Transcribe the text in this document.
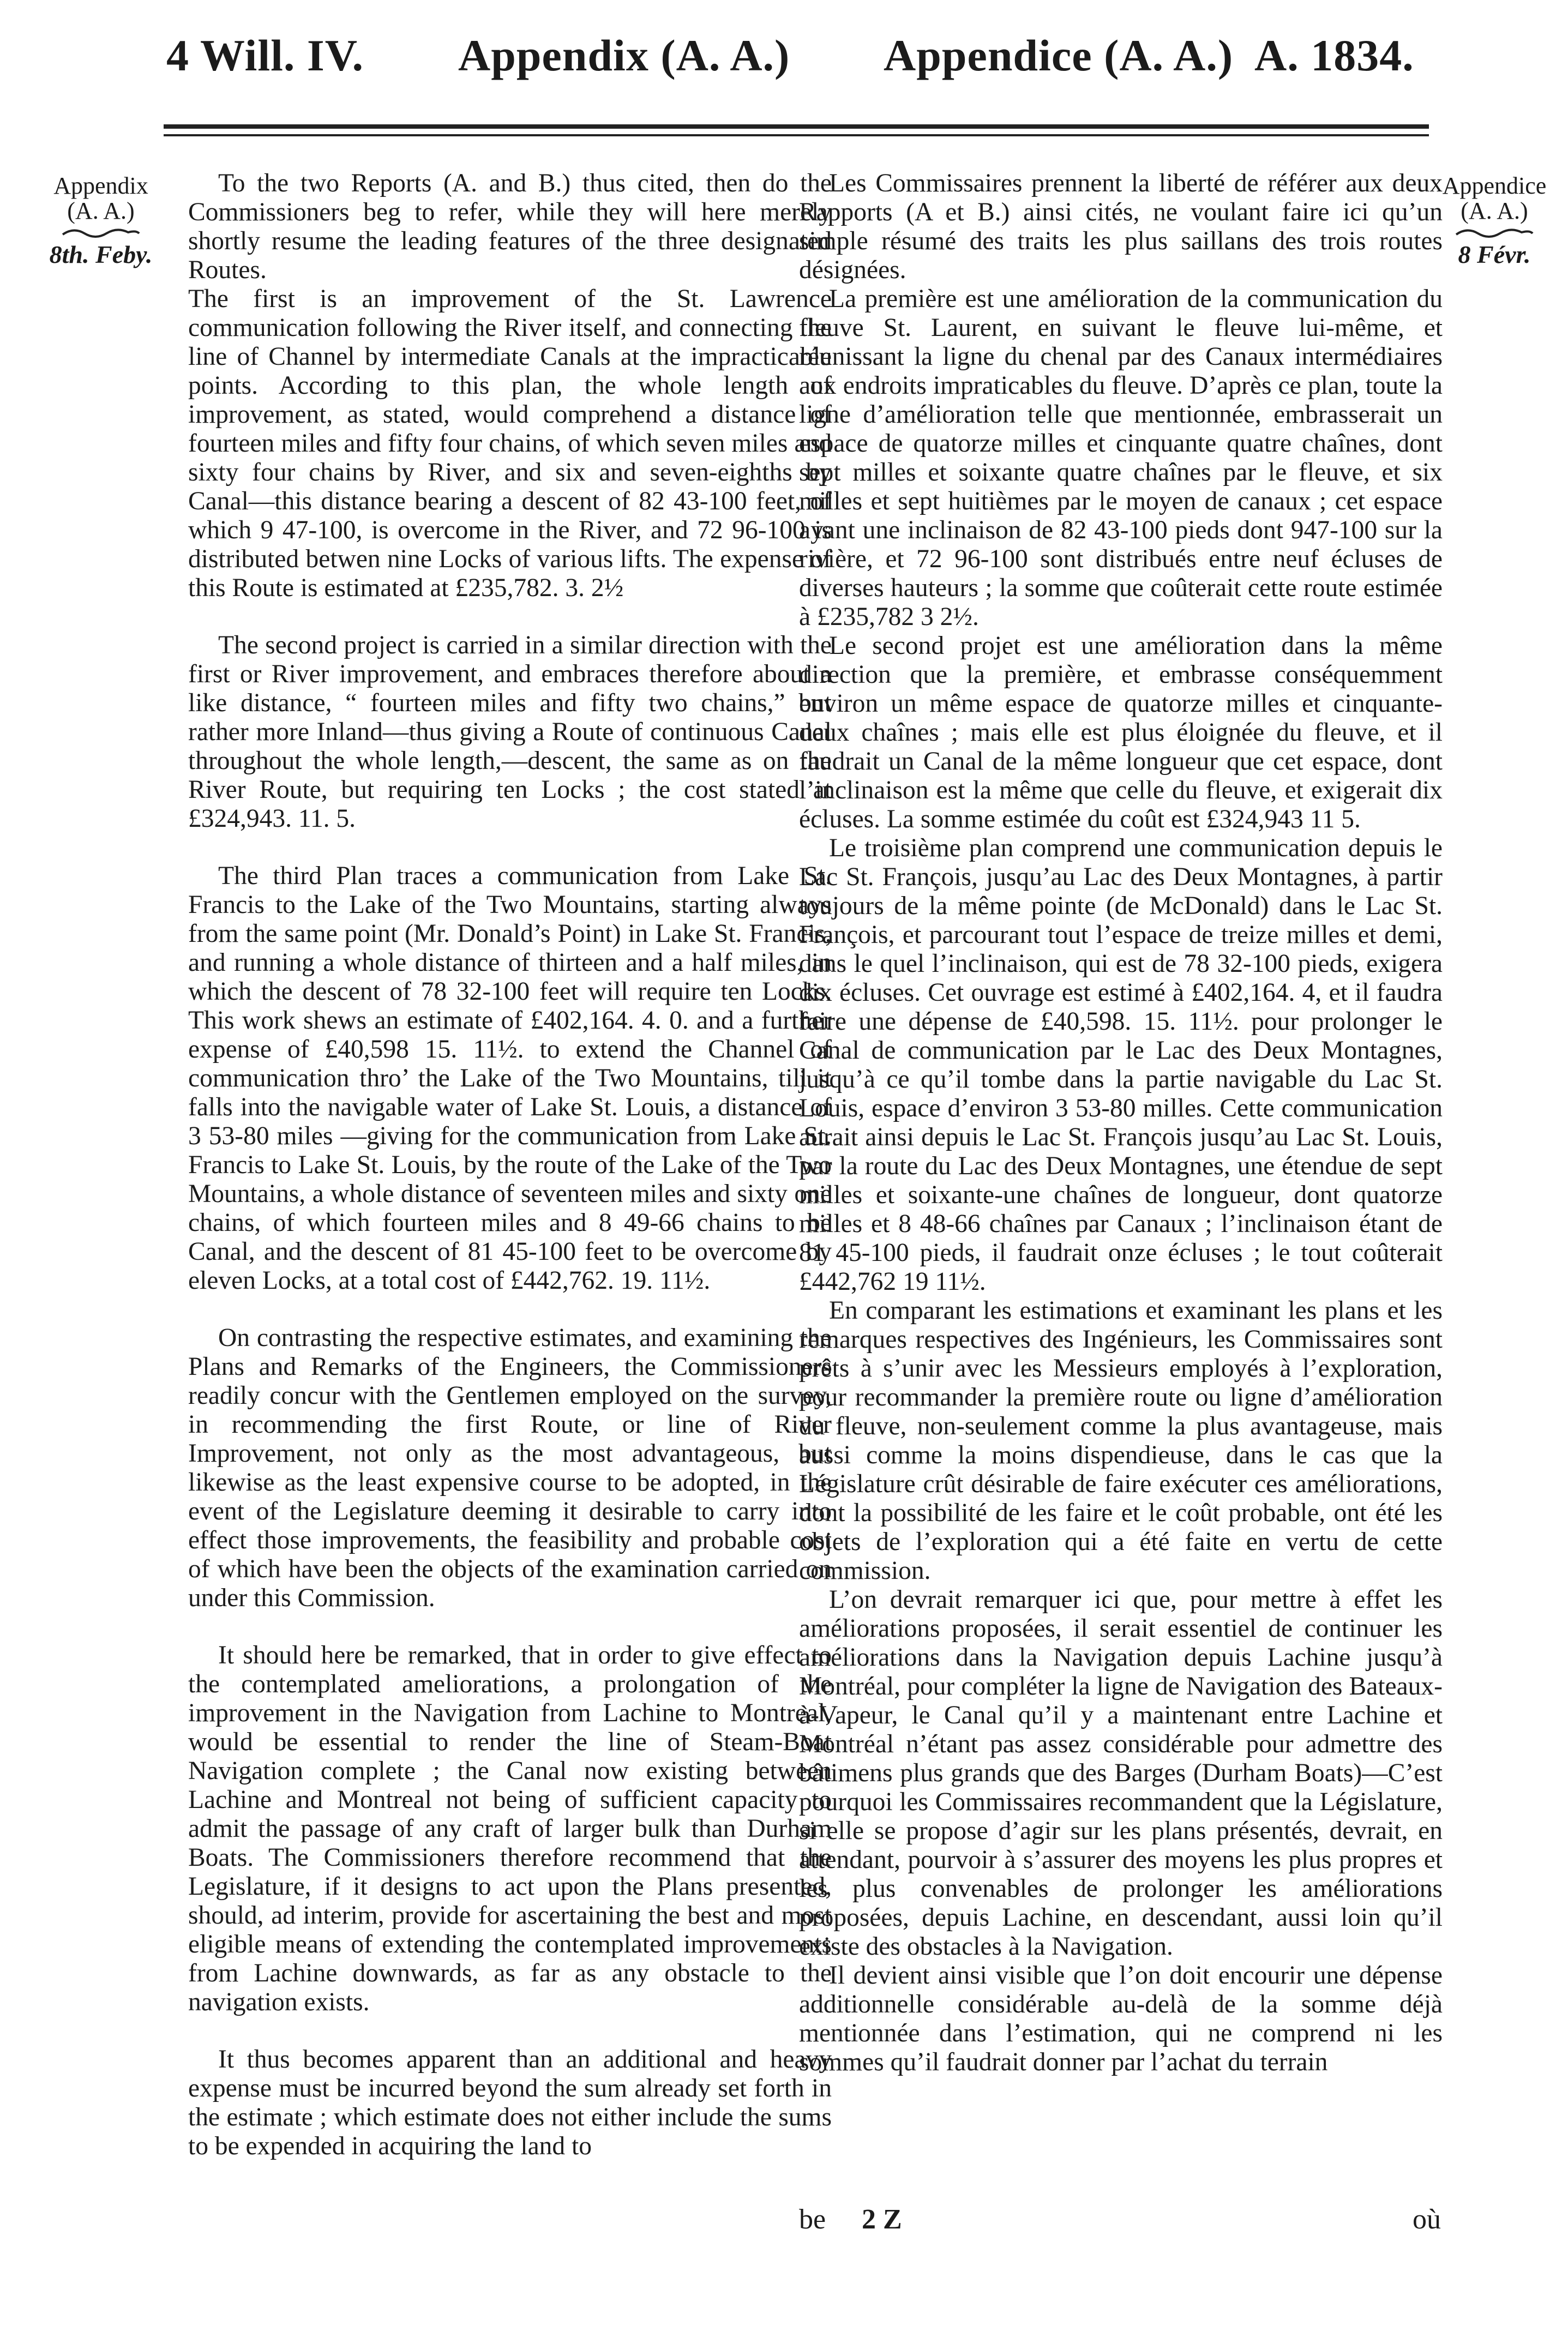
4 Will. IV. Appendix (A. A.) Appendice (A. A.) A. 1834.
Appendix
(A. A.)
8th. Feby.
Appendice
(A. A.)
8 Févr.

To the two Reports (A. and B.) thus cited, then do the Commissioners beg to refer, while they will here merely shortly resume the leading features of the three designated Routes.
The first is an improvement of the St. Lawrence communication following the River itself, and connecting the line of Channel by intermediate Canals at the impracticable points. According to this plan, the whole length of improvement, as stated, would comprehend a distance of fourteen miles and fifty four chains, of which seven miles and sixty four chains by River, and six and seven-eighths by Canal—this distance bearing a descent of 82 43-100 feet, of which 9 47-100, is overcome in the River, and 72 96-100 is distributed betwen nine Locks of various lifts. The expense of this Route is estimated at £235,782. 3. 2½

The second project is carried in a similar direction with the first or River improvement, and embraces therefore about a like distance, “ fourteen miles and fifty two chains,” but rather more Inland—thus giving a Route of continuous Canal throughout the whole length,—descent, the same as on the River Route, but requiring ten Locks ; the cost stated at £324,943. 11. 5.

The third Plan traces a communication from Lake St. Francis to the Lake of the Two Mountains, starting always from the same point (Mr. Donald’s Point) in Lake St. Francis, and running a whole distance of thirteen and a half miles, in which the descent of 78 32-100 feet will require ten Locks. This work shews an estimate of £402,164. 4. 0. and a further expense of £40,598 15. 11½. to extend the Channel of communication thro’ the Lake of the Two Mountains, till it falls into the navigable water of Lake St. Louis, a distance of 3 53-80 miles —giving for the communication from Lake St. Francis to Lake St. Louis, by the route of the Lake of the Two Mountains, a whole distance of seventeen miles and sixty one chains, of which fourteen miles and 8 49-66 chains to be Canal, and the descent of 81 45-100 feet to be overcome by eleven Locks, at a total cost of £442,762. 19. 11½.

On contrasting the respective estimates, and examining the Plans and Remarks of the Engineers, the Commissioners readily concur with the Gentlemen employed on the survey, in recommending the first Route, or line of River Improvement, not only as the most advantageous, but likewise as the least expensive course to be adopted, in the event of the Legislature deeming it desirable to carry into effect those improvements, the feasibility and probable cost of which have been the objects of the examination carried on under this Commission.

It should here be remarked, that in order to give effect to the contemplated ameliorations, a prolongation of the improvement in the Navigation from Lachine to Montreal, would be essential to render the line of Steam-Boat Navigation complete ; the Canal now existing between Lachine and Montreal not being of sufficient capacity to admit the passage of any craft of larger bulk than Durham Boats. The Commissioners therefore recommend that the Legislature, if it designs to act upon the Plans presented, should, ad interim, provide for ascertaining the best and most eligible means of extending the contemplated improvements from Lachine downwards, as far as any obstacle to the navigation exists.

It thus becomes apparent than an additional and heavy expense must be incurred beyond the sum already set forth in the estimate ; which estimate does not either include the sums to be expended in acquiring the land to

Les Commissaires prennent la liberté de référer aux deux Rapports (A et B.) ainsi cités, ne voulant faire ici qu’un simple résumé des traits les plus saillans des trois routes désignées.

La première est une amélioration de la communication du fleuve St. Laurent, en suivant le fleuve lui-même, et réunissant la ligne du chenal par des Canaux intermédiaires aux endroits impraticables du fleuve. D’après ce plan, toute la ligne d’amélioration telle que mentionnée, embrasserait un espace de quatorze milles et cinquante quatre chaînes, dont sept milles et soixante quatre chaînes par le fleuve, et six milles et sept huitièmes par le moyen de canaux ; cet espace ayant une inclinaison de 82 43-100 pieds dont 947-100 sur la rivière, et 72 96-100 sont distribués entre neuf écluses de diverses hauteurs ; la somme que coûterait cette route estimée à £235,782 3 2½.

Le second projet est une amélioration dans la même direction que la première, et embrasse conséquemment environ un même espace de quatorze milles et cinquante-deux chaînes ; mais elle est plus éloignée du fleuve, et il faudrait un Canal de la même longueur que cet espace, dont l’inclinaison est la même que celle du fleuve, et exigerait dix écluses. La somme estimée du coût est £324,943 11 5.

Le troisième plan comprend une communication depuis le Lac St. François, jusqu’au Lac des Deux Montagnes, à partir toujours de la même pointe (de McDonald) dans le Lac St. François, et parcourant tout l’espace de treize milles et demi, dans le quel l’inclinaison, qui est de 78 32-100 pieds, exigera dix écluses. Cet ouvrage est estimé à £402,164. 4, et il faudra faire une dépense de £40,598. 15. 11½. pour prolonger le Canal de communication par le Lac des Deux Montagnes, jusqu’à ce qu’il tombe dans la partie navigable du Lac St. Louis, espace d’environ 3 53-80 milles. Cette communication aurait ainsi depuis le Lac St. François jusqu’au Lac St. Louis, par la route du Lac des Deux Montagnes, une étendue de sept milles et soixante-une chaînes de longueur, dont quatorze milles et 8 48-66 chaînes par Canaux ; l’inclinaison étant de 81 45-100 pieds, il faudrait onze écluses ; le tout coûterait £442,762 19 11½.

En comparant les estimations et examinant les plans et les remarques respectives des Ingénieurs, les Commissaires sont prêts à s’unir avec les Messieurs employés à l’exploration, pour recommander la première route ou ligne d’amélioration du fleuve, non-seulement comme la plus avantageuse, mais aussi comme la moins dispendieuse, dans le cas que la Législature crût désirable de faire exécuter ces améliorations, dont la possibilité de les faire et le coût probable, ont été les objets de l’exploration qui a été faite en vertu de cette commission.

L’on devrait remarquer ici que, pour mettre à effet les améliorations proposées, il serait essentiel de continuer les améliorations dans la Navigation depuis Lachine jusqu’à Montréal, pour compléter la ligne de Navigation des Bateaux-à-Vapeur, le Canal qu’il y a maintenant entre Lachine et Montréal n’étant pas assez considérable pour admettre des bâtimens plus grands que des Barges (Durham Boats)—C’est pourquoi les Commissaires recommandent que la Législature, si elle se propose d’agir sur les plans présentés, devrait, en attendant, pourvoir à s’assurer des moyens les plus propres et les plus convenables de prolonger les améliorations proposées, depuis Lachine, en descendant, aussi loin qu’il existe des obstacles à la Navigation.

Il devient ainsi visible que l’on doit encourir une dépense additionnelle considérable au-delà de la somme déjà mentionnée dans l’estimation, qui ne comprend ni les sommes qu’il faudrait donner par l’achat du terrain

be 2 Z	où
